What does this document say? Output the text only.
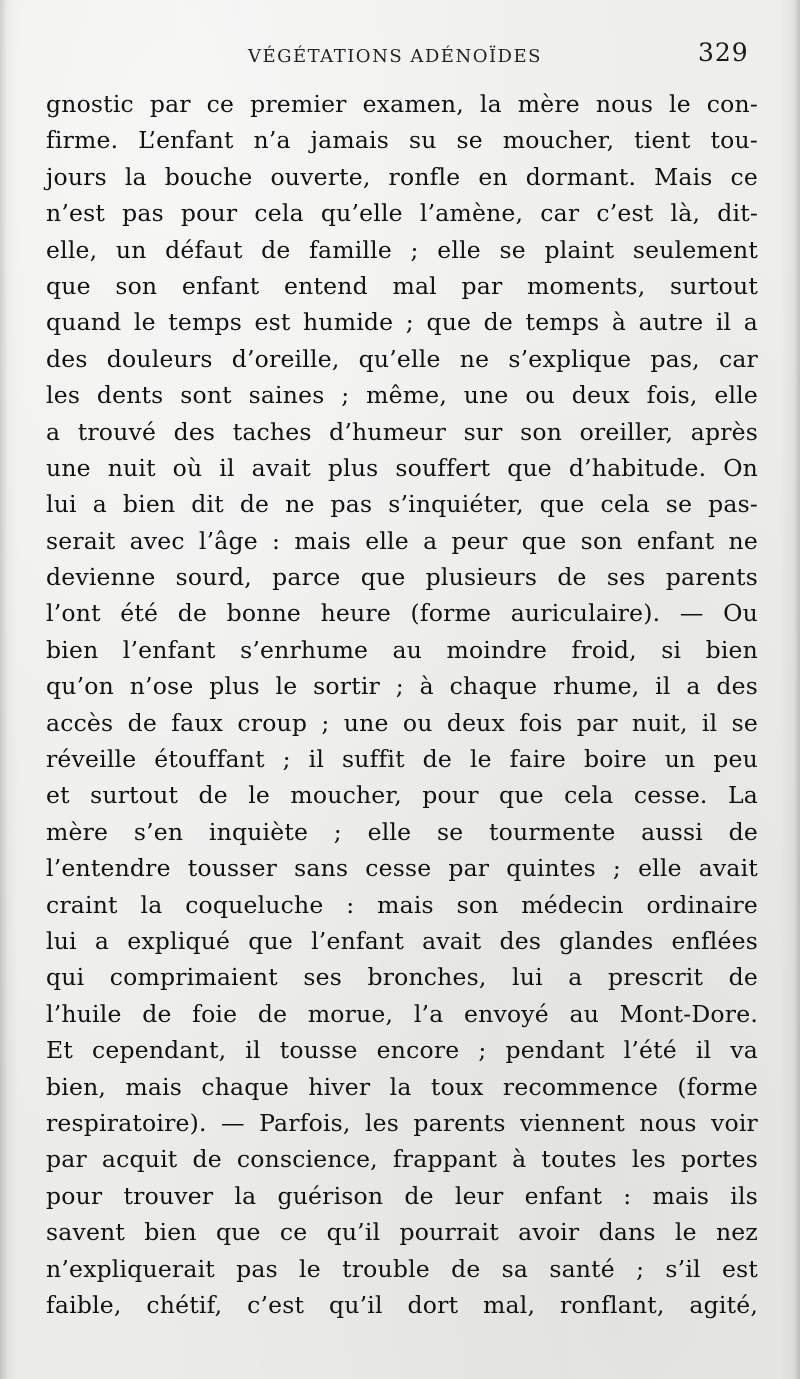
VÉGÉTATIONS ADÉNOÏDES	329
gnostic par ce premier examen, la mère nous le con-
firme. L’enfant n’a jamais su se moucher, tient tou-
jours la bouche ouverte, ronfle en dormant. Mais ce
n’est pas pour cela qu’elle l’amène, car c’est là, dit-
elle, un défaut de famille ; elle se plaint seulement
que son enfant entend mal par moments, surtout
quand le temps est humide ; que de temps à autre il a
des douleurs d’oreille, qu’elle ne s’explique pas, car
les dents sont saines ; même, une ou deux fois, elle
a trouvé des taches d’humeur sur son oreiller, après
une nuit où il avait plus souffert que d’habitude. On
lui a bien dit de ne pas s’inquiéter, que cela se pas-
serait avec l’âge : mais elle a peur que son enfant ne
devienne sourd, parce que plusieurs de ses parents
l’ont été de bonne heure (forme auriculaire). — Ou
bien l’enfant s’enrhume au moindre froid, si bien
qu’on n’ose plus le sortir ; à chaque rhume, il a des
accès de faux croup ; une ou deux fois par nuit, il se
réveille étouffant ; il suffit de le faire boire un peu
et surtout de le moucher, pour que cela cesse. La
mère s’en inquiète ; elle se tourmente aussi de
l’entendre tousser sans cesse par quintes ; elle avait
craint la coqueluche : mais son médecin ordinaire
lui a expliqué que l’enfant avait des glandes enflées
qui comprimaient ses bronches, lui a prescrit de
l’huile de foie de morue, l’a envoyé au Mont-Dore.
Et cependant, il tousse encore ; pendant l’été il va
bien, mais chaque hiver la toux recommence (forme
respiratoire). — Parfois, les parents viennent nous voir
par acquit de conscience, frappant à toutes les portes
pour trouver la guérison de leur enfant : mais ils
savent bien que ce qu’il pourrait avoir dans le nez
n’expliquerait pas le trouble de sa santé ; s’il est
faible, chétif, c’est qu’il dort mal, ronflant, agité,
